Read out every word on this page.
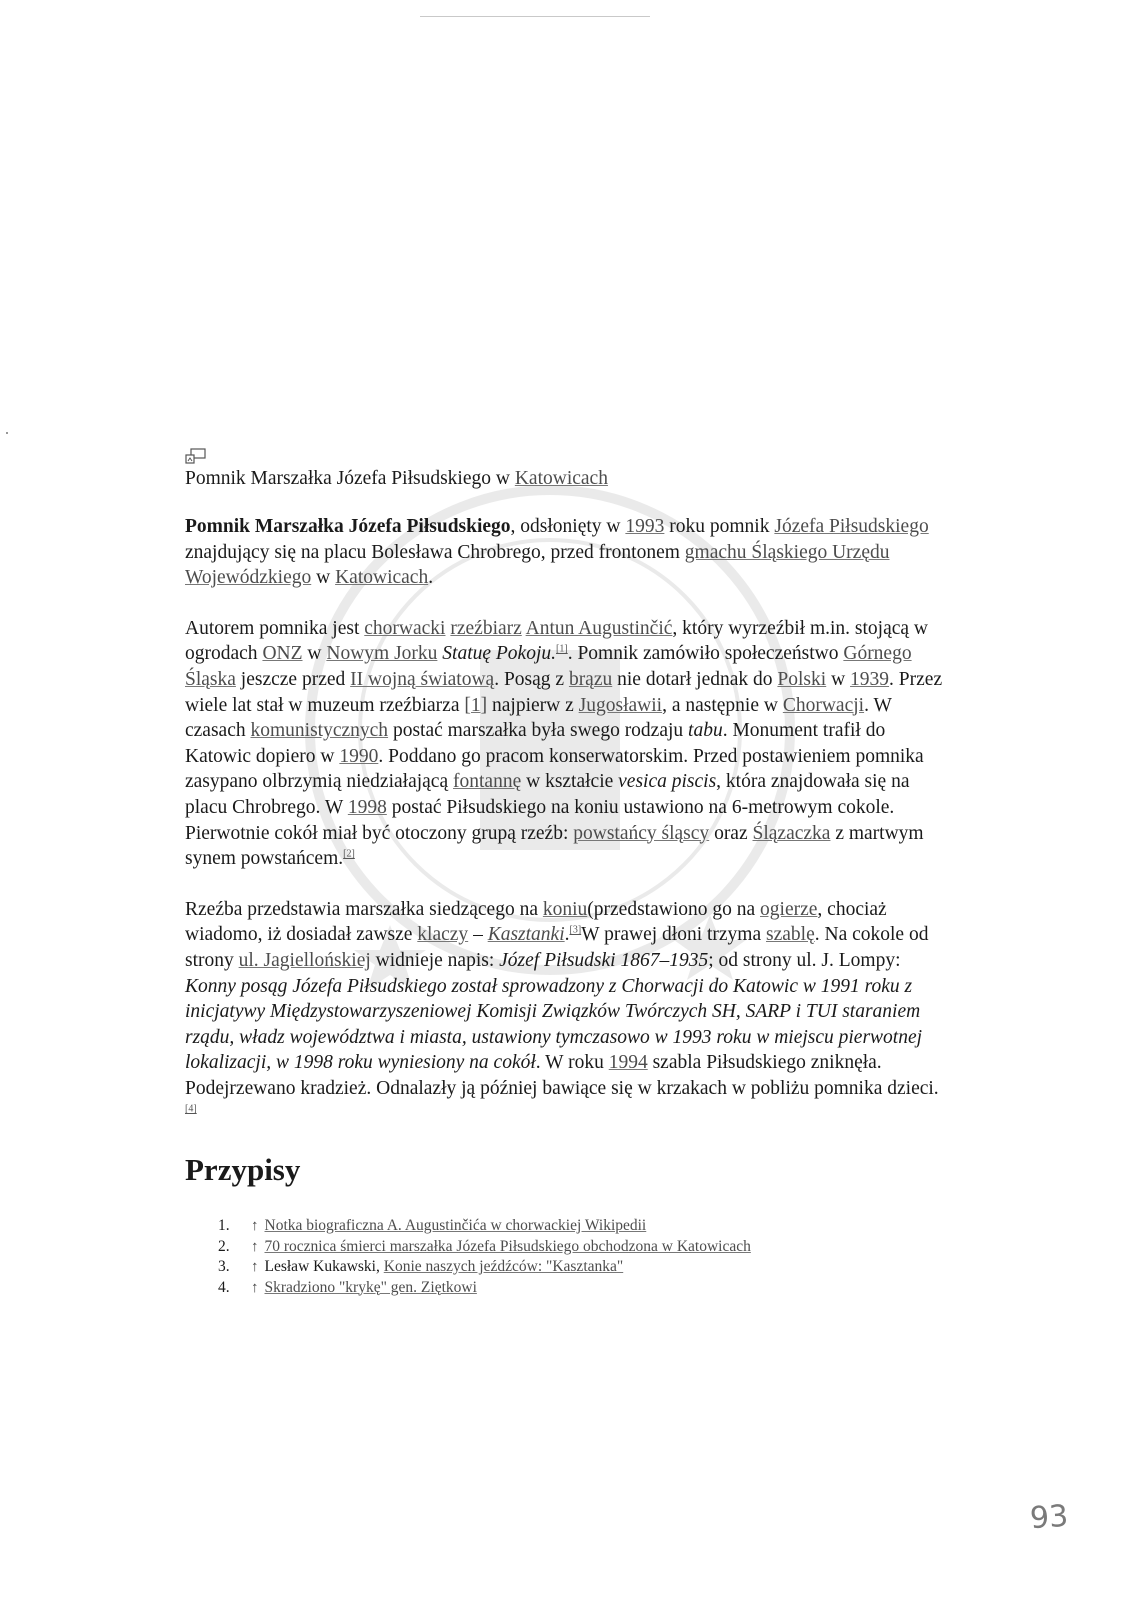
Pomnik Marszałka Józefa Piłsudskiego w Katowicach

Pomnik Marszałka Józefa Piłsudskiego, odsłonięty w 1993 roku pomnik Józefa Piłsudskiego znajdujący się na placu Bolesława Chrobrego, przed frontonem gmachu Śląskiego Urzędu Wojewódzkiego w Katowicach.

Autorem pomnika jest chorwacki rzeźbiarz Antun Augustinčić, który wyrzeźbił m.in. stojącą w ogrodach ONZ w Nowym Jorku Statuę Pokoju.[1]. Pomnik zamówiło społeczeństwo Górnego Śląska jeszcze przed II wojną światową. Posąg z brązu nie dotarł jednak do Polski w 1939. Przez wiele lat stał w muzeum rzeźbiarza [1] najpierw z Jugosławii, a następnie w Chorwacji. W czasach komunistycznych postać marszałka była swego rodzaju tabu. Monument trafił do Katowic dopiero w 1990. Poddano go pracom konserwatorskim. Przed postawieniem pomnika zasypano olbrzymią niedziałającą fontannę w kształcie vesica piscis, która znajdowała się na placu Chrobrego. W 1998 postać Piłsudskiego na koniu ustawiono na 6-metrowym cokole. Pierwotnie cokół miał być otoczony grupą rzeźb: powstańcy śląscy oraz Ślązaczka z martwym synem powstańcem.[2]

Rzeźba przedstawia marszałka siedzącego na koniu(przedstawiono go na ogierze, chociaż wiadomo, iż dosiadał zawsze klaczy – Kasztanki.[3]W prawej dłoni trzyma szablę. Na cokole od strony ul. Jagiellońskiej widnieje napis: Józef Piłsudski 1867–1935; od strony ul. J. Lompy: Konny posąg Józefa Piłsudskiego został sprowadzony z Chorwacji do Katowic w 1991 roku z inicjatywy Międzystowarzyszeniowej Komisji Związków Twórczych SH, SARP i TUI staraniem rządu, władz województwa i miasta, ustawiony tymczasowo w 1993 roku w miejscu pierwotnej lokalizacji, w 1998 roku wyniesiony na cokół. W roku 1994 szabla Piłsudskiego zniknęła. Podejrzewano kradzież. Odnalazły ją później bawiące się w krzakach w pobliżu pomnika dzieci.[4]

Przypisy
1. ↑ Notka biograficzna A. Augustinčića w chorwackiej Wikipedii
2. ↑ 70 rocznica śmierci marszałka Józefa Piłsudskiego obchodzona w Katowicach
3. ↑ Lesław Kukawski, Konie naszych jeźdźców: "Kasztanka"
4. ↑ Skradziono "krykę" gen. Ziętkowi
93
